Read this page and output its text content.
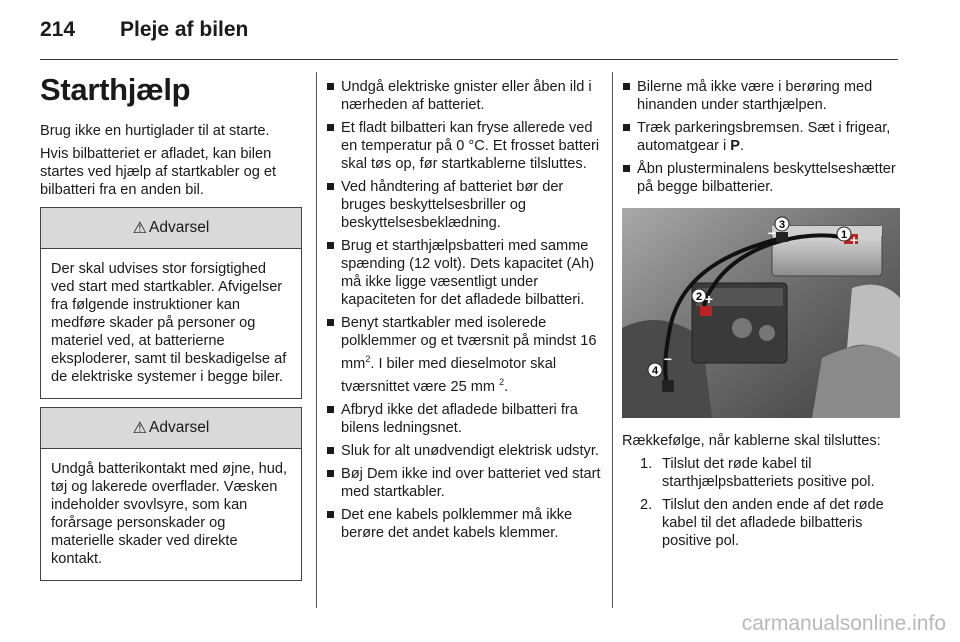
214 Pleje af bilen
Starthjælp

Brug ikke en hurtiglader til at starte.

Hvis bilbatteriet er afladet, kan bilen startes ved hjælp af startkabler og et bilbatteri fra en anden bil.

⚠ Advarsel
Der skal udvises stor forsigtighed ved start med startkabler. Afvigelser fra følgende instruktioner kan medføre skader på personer og materiel ved, at batterierne eksploderer, samt til beskadigelse af de elektriske systemer i begge biler.
⚠ Advarsel
Undgå batterikontakt med øjne, hud, tøj og lakerede overflader. Væsken indeholder svovlsyre, som kan forårsage personskader og materielle skader ved direkte kontakt.
Undgå elektriske gnister eller åben ild i nærheden af batteriet.
Et fladt bilbatteri kan fryse allerede ved en temperatur på 0 °C. Et frosset batteri skal tøs op, før startkablerne tilsluttes.
Ved håndtering af batteriet bør der bruges beskyttelsesbriller og beskyttelsesbeklædning.
Brug et starthjælpsbatteri med samme spænding (12 volt). Dets kapacitet (Ah) må ikke ligge væsentligt under kapaciteten for det afladede bilbatteri.
Benyt startkabler med isolerede polklemmer og et tværsnit på mindst 16 $mm^2$. I biler med dieselmotor skal tværsnittet være 25 mm $^2$.
Afbryd ikke det afladede bilbatteri fra bilens ledningsnet.
Sluk for alt unødvendigt elektrisk udstyr.
Bøj Dem ikke ind over batteriet ved start med startkabler.
Det ene kabels polklemmer må ikke berøre det andet kabels klemmer.
Bilerne må ikke være i berøring med hinanden under starthjælpen.
Træk parkeringsbremsen. Sæt i frigear, automatgear i P.
Åbn plusterminalens beskyttelseshætter på begge bilbatterier.
1 +
2 +
3
−
4
−

Rækkefølge, når kablerne skal tilsluttes:

1. Tilslut det røde kabel til starthjælpsbatteriets positive pol.
2. Tilslut den anden ende af det røde kabel til det afladede bilbatteris positive pol.
carmanualsonline.info
